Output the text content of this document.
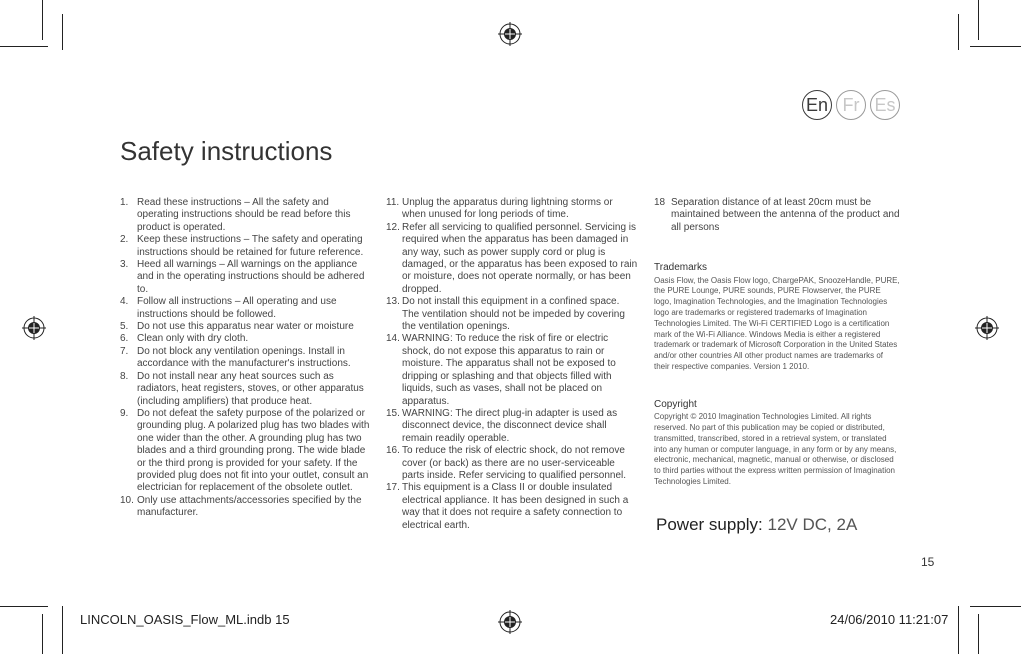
En Fr Es
Safety instructions
1. Read these instructions – All the safety and operating instructions should be read before this product is operated.
2. Keep these instructions – The safety and operating instructions should be retained for future reference.
3. Heed all warnings – All warnings on the appliance and in the operating instructions should be adhered to.
4. Follow all instructions – All operating and use instructions should be followed.
5. Do not use this apparatus near water or moisture
6. Clean only with dry cloth.
7. Do not block any ventilation openings. Install in accordance with the manufacturer's instructions.
8. Do not install near any heat sources such as radiators, heat registers, stoves, or other apparatus (including amplifiers) that produce heat.
9. Do not defeat the safety purpose of the polarized or grounding plug. A polarized plug has two blades with one wider than the other. A grounding plug has two blades and a third grounding prong. The wide blade or the third prong is provided for your safety. If the provided plug does not fit into your outlet, consult an electrician for replacement of the obsolete outlet.
10. Only use attachments/accessories specified by the manufacturer.
11. Unplug the apparatus during lightning storms or when unused for long periods of time.
12. Refer all servicing to qualified personnel. Servicing is required when the apparatus has been damaged in any way, such as power supply cord or plug is damaged, or the apparatus has been exposed to rain or moisture, does not operate normally, or has been dropped.
13. Do not install this equipment in a confined space. The ventilation should not be impeded by covering the ventilation openings.
14. WARNING: To reduce the risk of fire or electric shock, do not expose this apparatus to rain or moisture. The apparatus shall not be exposed to dripping or splashing and that objects filled with liquids, such as vases, shall not be placed on apparatus.
15. WARNING: The direct plug-in adapter is used as disconnect device, the disconnect device shall remain readily operable.
16. To reduce the risk of electric shock, do not remove cover (or back) as there are no user-serviceable parts inside. Refer servicing to qualified personnel.
17. This equipment is a Class II or double insulated electrical appliance. It has been designed in such a way that it does not require a safety connection to electrical earth.
18 Separation distance of at least 20cm must be maintained between the antenna of the product and all persons
Trademarks
Oasis Flow, the Oasis Flow logo, ChargePAK, SnoozeHandle, PURE, the PURE Lounge, PURE sounds, PURE Flowserver, the PURE logo, Imagination Technologies, and the Imagination Technologies logo are trademarks or registered trademarks of Imagination Technologies Limited. The Wi-Fi CERTIFIED Logo is a certification mark of the Wi-Fi Alliance. Windows Media is either a registered trademark or trademark of Microsoft Corporation in the United States and/or other countries All other product names are trademarks of their respective companies. Version 1 2010.
Copyright
Copyright © 2010 Imagination Technologies Limited. All rights reserved. No part of this publication may be copied or distributed, transmitted, transcribed, stored in a retrieval system, or translated into any human or computer language, in any form or by any means, electronic, mechanical, magnetic, manual or otherwise, or disclosed to third parties without the express written permission of Imagination Technologies Limited.
Power supply: 12V DC, 2A
15
LINCOLN_OASIS_Flow_ML.indb 15	24/06/2010 11:21:07
